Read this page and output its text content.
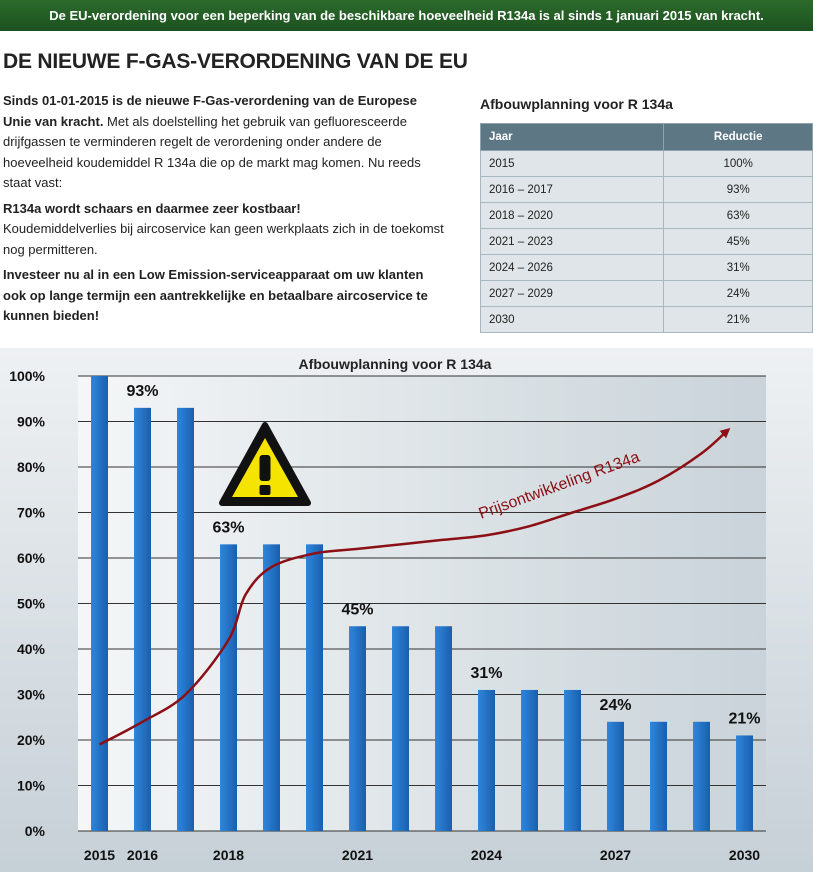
De EU-verordening voor een beperking van de beschikbare hoeveelheid R134a is al sinds 1 januari 2015 van kracht.
DE NIEUWE F-GAS-VERORDENING VAN DE EU

Sinds 01-01-2015 is de nieuwe F-Gas-verordening van de Europese Unie van kracht. Met als doelstelling het gebruik van gefluoresceerde drijfgassen te verminderen regelt de verordening onder andere de hoeveelheid koudemiddel R 134a die op de markt mag komen. Nu reeds staat vast:

R134a wordt schaars en daarmee zeer kostbaar!
Koudemiddelverlies bij aircoservice kan geen werkplaats zich in de toekomst nog permitteren.

Investeer nu al in een Low Emission-serviceapparaat om uw klanten ook op lange termijn een aantrekkelijke en betaalbare aircoservice te kunnen bieden!

Afbouwplanning voor R 134a
Jaar	Reductie
2015	100%
2016 – 2017	93%
2018 – 2020	63%
2021 – 2023	45%
2024 – 2026	31%
2027 – 2029	24%
2030	21%
Afbouwplanning voor R 134a
0%
10%
20%
30%
40%
50%
60%
70%
80%
90%
100%
93%
63%
45%
31%
24%
21%
2015 2016	2018	2021	2024	2027	2030
Prijsontwikkeling R134a
